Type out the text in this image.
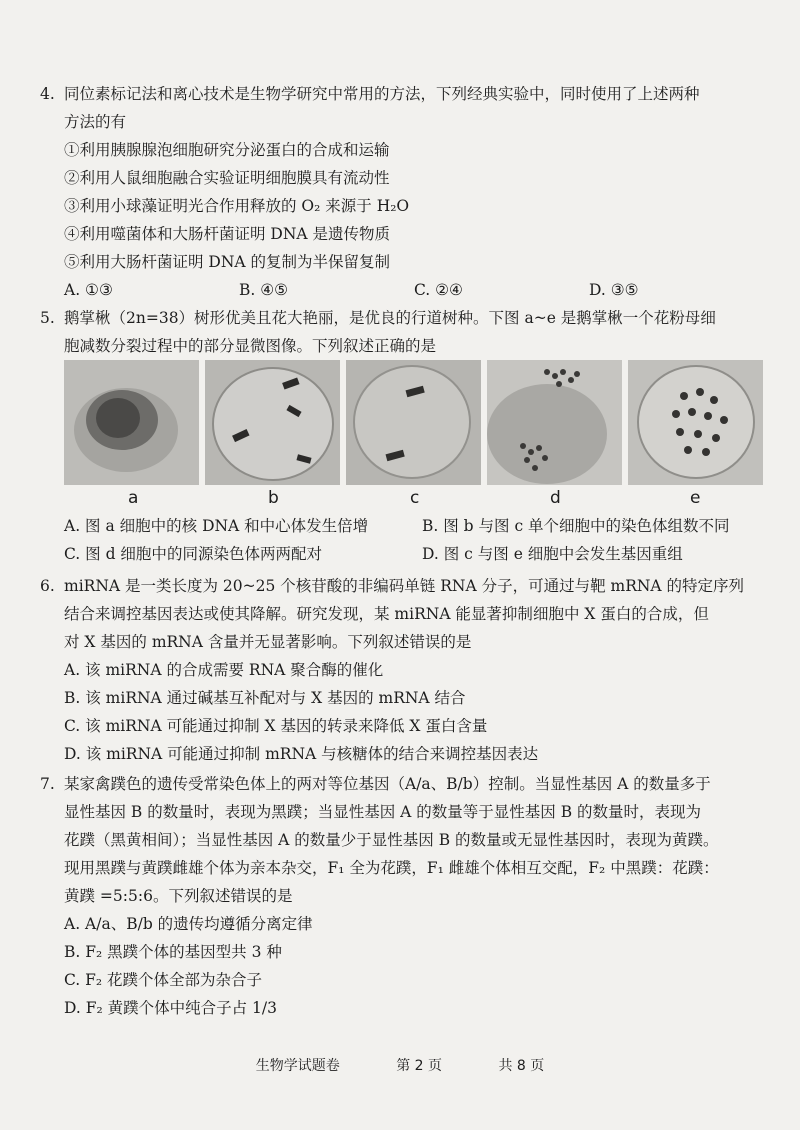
4. 同位素标记法和离心技术是生物学研究中常用的方法，下列经典实验中，同时使用了上述两种
方法的有
①利用胰腺腺泡细胞研究分泌蛋白的合成和运输
②利用人鼠细胞融合实验证明细胞膜具有流动性
③利用小球藻证明光合作用释放的 O₂ 来源于 H₂O
④利用噬菌体和大肠杆菌证明 DNA 是遗传物质
⑤利用大肠杆菌证明 DNA 的复制为半保留复制
A. ①③	B. ④⑤	C. ②④	D. ③⑤
5. 鹅掌楸（2n=38）树形优美且花大艳丽，是优良的行道树种。下图 a~e 是鹅掌楸一个花粉母细
胞减数分裂过程中的部分显微图像。下列叙述正确的是
a	b	c	d	e
A. 图 a 细胞中的核 DNA 和中心体发生倍增	B. 图 b 与图 c 单个细胞中的染色体组数不同
C. 图 d 细胞中的同源染色体两两配对	D. 图 c 与图 e 细胞中会发生基因重组
6. miRNA 是一类长度为 20~25 个核苷酸的非编码单链 RNA 分子，可通过与靶 mRNA 的特定序列
结合来调控基因表达或使其降解。研究发现，某 miRNA 能显著抑制细胞中 X 蛋白的合成，但
对 X 基因的 mRNA 含量并无显著影响。下列叙述错误的是
A. 该 miRNA 的合成需要 RNA 聚合酶的催化
B. 该 miRNA 通过碱基互补配对与 X 基因的 mRNA 结合
C. 该 miRNA 可能通过抑制 X 基因的转录来降低 X 蛋白含量
D. 该 miRNA 可能通过抑制 mRNA 与核糖体的结合来调控基因表达
7. 某家禽蹼色的遗传受常染色体上的两对等位基因（A/a、B/b）控制。当显性基因 A 的数量多于
显性基因 B 的数量时，表现为黑蹼；当显性基因 A 的数量等于显性基因 B 的数量时，表现为
花蹼（黑黄相间）；当显性基因 A 的数量少于显性基因 B 的数量或无显性基因时，表现为黄蹼。
现用黑蹼与黄蹼雌雄个体为亲本杂交，F₁ 全为花蹼，F₁ 雌雄个体相互交配，F₂ 中黑蹼：花蹼：
黄蹼 =5:5:6。下列叙述错误的是
A. A/a、B/b 的遗传均遵循分离定律
B. F₂ 黑蹼个体的基因型共 3 种
C. F₂ 花蹼个体全部为杂合子
D. F₂ 黄蹼个体中纯合子占 1/3
生物学试题卷	第 2 页	共 8 页
